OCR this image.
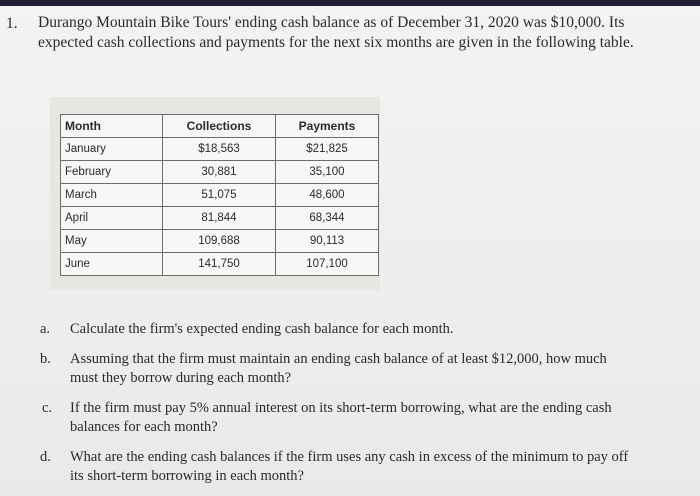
1. Durango Mountain Bike Tours' ending cash balance as of December 31, 2020 was $10,000. Its expected cash collections and payments for the next six months are given in the following table.
Month	Collections	Payments
January	$18,563	$21,825
February	30,881	35,100
March	51,075	48,600
April	81,844	68,344
May	109,688	90,113
June	141,750	107,100
a. Calculate the firm's expected ending cash balance for each month.
b. Assuming that the firm must maintain an ending cash balance of at least $12,000, how much must they borrow during each month?
c. If the firm must pay 5% annual interest on its short-term borrowing, what are the ending cash balances for each month?
d. What are the ending cash balances if the firm uses any cash in excess of the minimum to pay off its short-term borrowing in each month?
